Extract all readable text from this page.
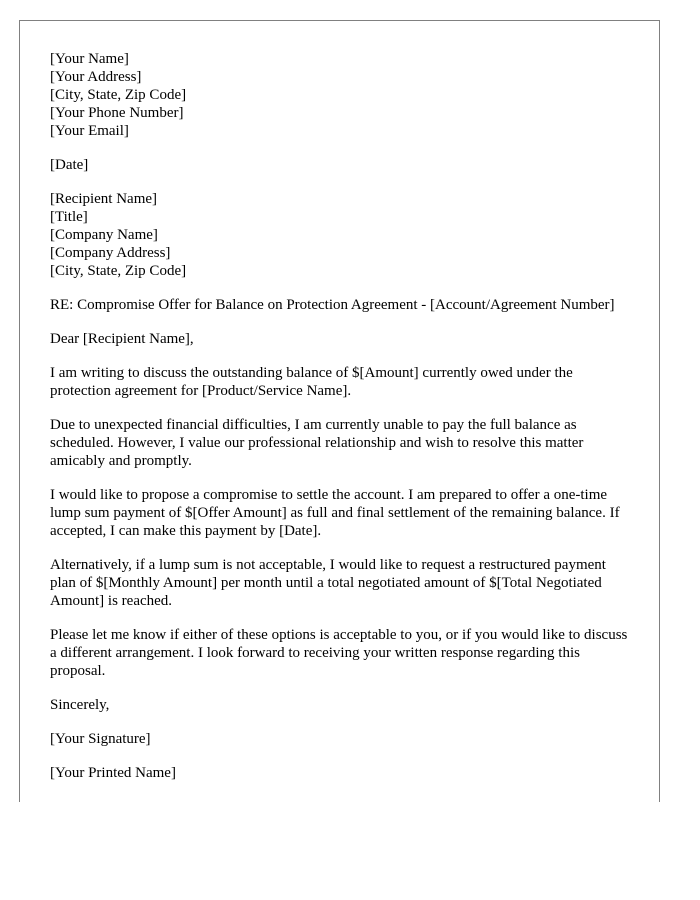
[Your Name]
[Your Address]
[City, State, Zip Code]
[Your Phone Number]
[Your Email]
[Date]
[Recipient Name]
[Title]
[Company Name]
[Company Address]
[City, State, Zip Code]

RE: Compromise Offer for Balance on Protection Agreement - [Account/Agreement Number]

Dear [Recipient Name],

I am writing to discuss the outstanding balance of $[Amount] currently owed under the protection agreement for [Product/Service Name].

Due to unexpected financial difficulties, I am currently unable to pay the full balance as scheduled. However, I value our professional relationship and wish to resolve this matter amicably and promptly.

I would like to propose a compromise to settle the account. I am prepared to offer a one-time lump sum payment of $[Offer Amount] as full and final settlement of the remaining balance. If accepted, I can make this payment by [Date].

Alternatively, if a lump sum is not acceptable, I would like to request a restructured payment plan of $[Monthly Amount] per month until a total negotiated amount of $[Total Negotiated Amount] is reached.

Please let me know if either of these options is acceptable to you, or if you would like to discuss a different arrangement. I look forward to receiving your written response regarding this proposal.

Sincerely,

[Your Signature]

[Your Printed Name]
